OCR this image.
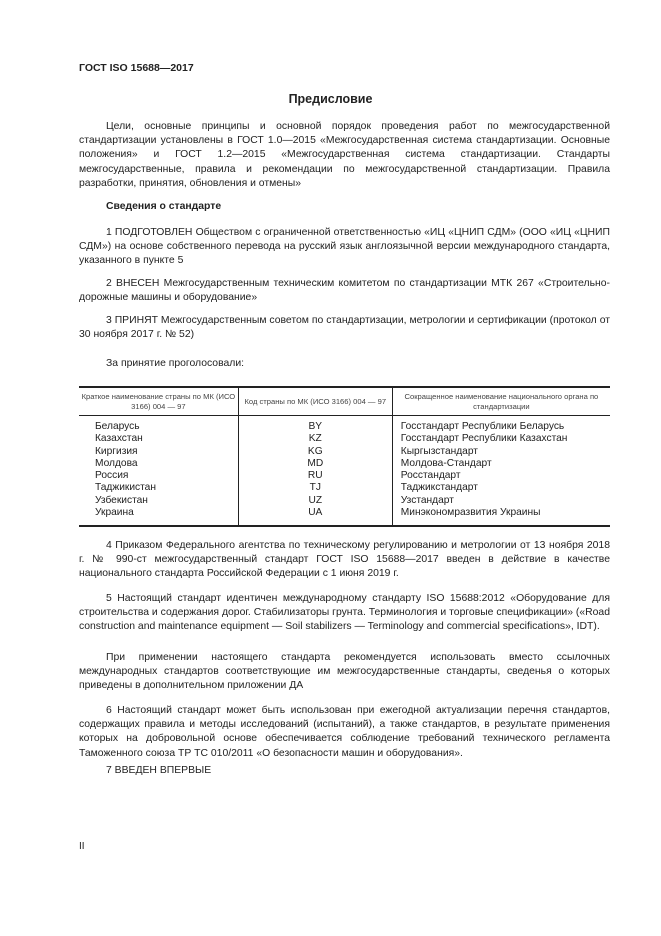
ГОСТ ISO 15688—2017
Предисловие

Цели, основные принципы и основной порядок проведения работ по межгосударственной стандартизации установлены в ГОСТ 1.0—2015 «Межгосударственная система стандартизации. Основные положения» и ГОСТ 1.2—2015 «Межгосударственная система стандартизации. Стандарты межгосударственные, правила и рекомендации по межгосударственной стандартизации. Правила разработки, принятия, обновления и отмены»

Сведения о стандарте

1 ПОДГОТОВЛЕН Обществом с ограниченной ответственностью «ИЦ «ЦНИП СДМ» (ООО «ИЦ «ЦНИП СДМ») на основе собственного перевода на русский язык англоязычной версии международного стандарта, указанного в пункте 5

2 ВНЕСЕН Межгосударственным техническим комитетом по стандартизации МТК 267 «Строительно-дорожные машины и оборудование»

3 ПРИНЯТ Межгосударственным советом по стандартизации, метрологии и сертификации (протокол от 30 ноября 2017 г. № 52)

За принятие проголосовали:

Краткое наименование страны по МК (ИСО 3166) 004 — 97	Код страны по МК (ИСО 3166) 004 — 97	Сокращенное наименование национального органа по стандартизации
Беларусь	BY	Госстандарт Республики Беларусь
Казахстан	KZ	Госстандарт Республики Казахстан
Киргизия	KG	Кыргызстандарт
Молдова	MD	Молдова-Стандарт
Россия	RU	Росстандарт
Таджикистан	TJ	Таджикстандарт
Узбекистан	UZ	Узстандарт
Украина	UA	Минэкономразвития Украины

4 Приказом Федерального агентства по техническому регулированию и метрологии от 13 ноября 2018 г. № 990-ст межгосударственный стандарт ГОСТ ISO 15688—2017 введен в действие в качестве национального стандарта Российской Федерации с 1 июня 2019 г.

5 Настоящий стандарт идентичен международному стандарту ISO 15688:2012 «Оборудование для строительства и содержания дорог. Стабилизаторы грунта. Терминология и торговые спецификации» («Road construction and maintenance equipment — Soil stabilizers — Terminology and commercial specifications», IDT).

При применении настоящего стандарта рекомендуется использовать вместо ссылочных международных стандартов соответствующие им межгосударственные стандарты, сведенья о которых приведены в дополнительном приложении ДА

6 Настоящий стандарт может быть использован при ежегодной актуализации перечня стандартов, содержащих правила и методы исследований (испытаний), а также стандартов, в результате применения которых на добровольной основе обеспечивается соблюдение требований технического регламента Таможенного союза ТР ТС 010/2011 «О безопасности машин и оборудования».

7 ВВЕДЕН ВПЕРВЫЕ

II
